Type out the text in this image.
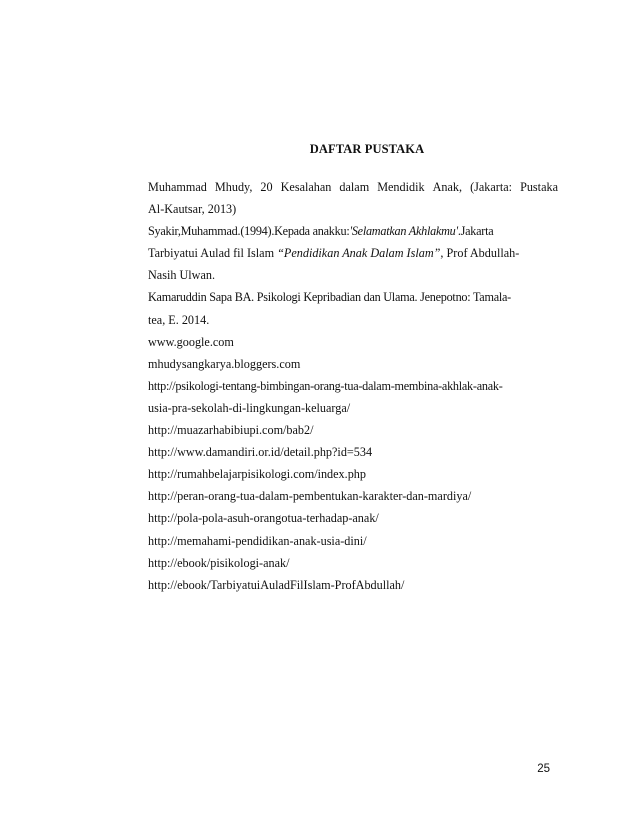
DAFTAR PUSTAKA
Muhammad Mhudy, 20 Kesalahan dalam Mendidik Anak, (Jakarta: Pustaka
Al-Kautsar, 2013)
Syakir,Muhammad.(1994).Kepada anakku:'Selamatkan Akhlakmu'.Jakarta
Tarbiyatui Aulad fil Islam “Pendidikan Anak Dalam Islam”, Prof Abdullah-
Nasih Ulwan.
Kamaruddin Sapa BA. Psikologi Kepribadian dan Ulama. Jenepotno: Tamala-
tea, E. 2014.
www.google.com
mhudysangkarya.bloggers.com
http://psikologi-tentang-bimbingan-orang-tua-dalam-membina-akhlak-anak-
usia-pra-sekolah-di-lingkungan-keluarga/
http://muazarhabibiupi.com/bab2/
http://www.damandiri.or.id/detail.php?id=534
http://rumahbelajarpisikologi.com/index.php
http://peran-orang-tua-dalam-pembentukan-karakter-dan-mardiya/
http://pola-pola-asuh-orangotua-terhadap-anak/
http://memahami-pendidikan-anak-usia-dini/
http://ebook/pisikologi-anak/
http://ebook/TarbiyatuiAuladFilIslam-ProfAbdullah/
25
